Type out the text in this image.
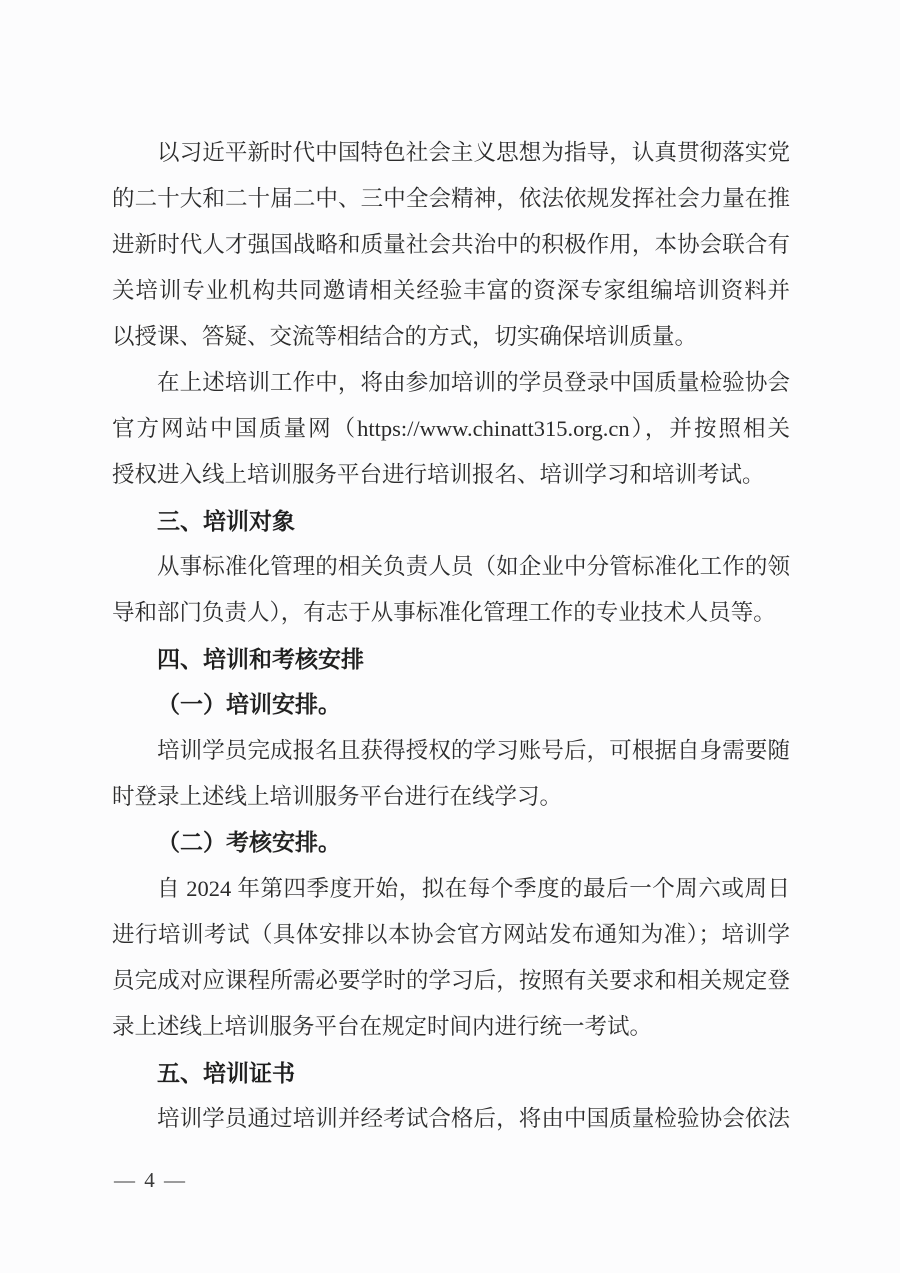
以习近平新时代中国特色社会主义思想为指导，认真贯彻落实党
的二十大和二十届二中、三中全会精神，依法依规发挥社会力量在推
进新时代人才强国战略和质量社会共治中的积极作用，本协会联合有
关培训专业机构共同邀请相关经验丰富的资深专家组编培训资料并
以授课、答疑、交流等相结合的方式，切实确保培训质量。
在上述培训工作中，将由参加培训的学员登录中国质量检验协会
官方网站中国质量网（https://www.chinatt315.org.cn），并按照相关
授权进入线上培训服务平台进行培训报名、培训学习和培训考试。
三、培训对象
从事标准化管理的相关负责人员（如企业中分管标准化工作的领
导和部门负责人），有志于从事标准化管理工作的专业技术人员等。
四、培训和考核安排
（一）培训安排。
培训学员完成报名且获得授权的学习账号后，可根据自身需要随
时登录上述线上培训服务平台进行在线学习。
（二）考核安排。
自 2024 年第四季度开始，拟在每个季度的最后一个周六或周日
进行培训考试（具体安排以本协会官方网站发布通知为准）；培训学
员完成对应课程所需必要学时的学习后，按照有关要求和相关规定登
录上述线上培训服务平台在规定时间内进行统一考试。
五、培训证书
培训学员通过培训并经考试合格后，将由中国质量检验协会依法
— 4 —
